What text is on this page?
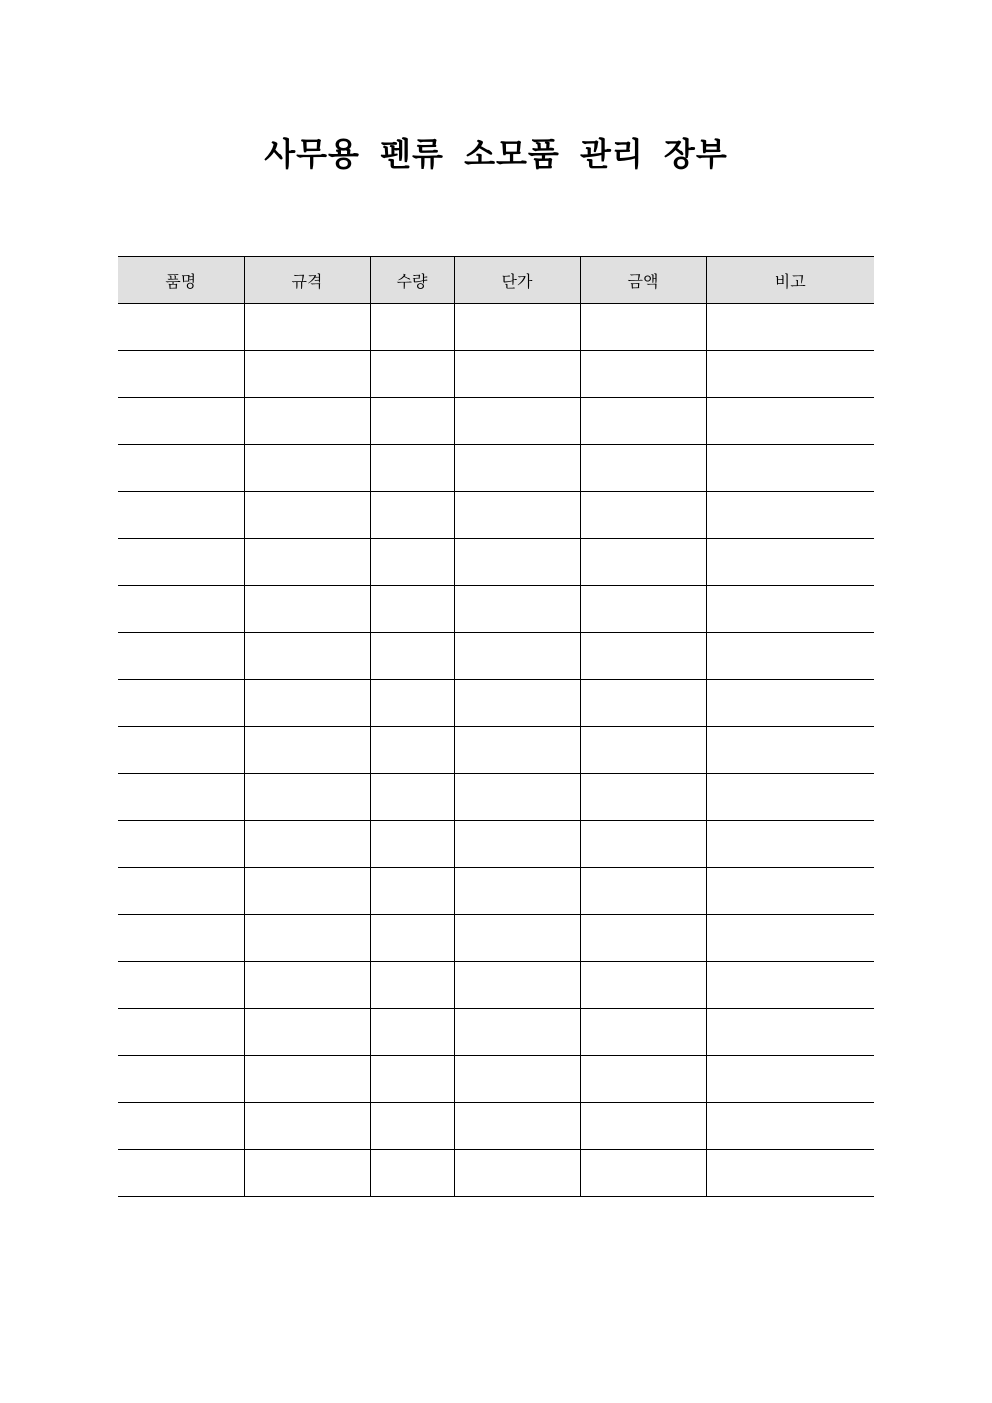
사무용 펜류 소모품 관리 장부
품명	규격	수량	단가	금액	비고
